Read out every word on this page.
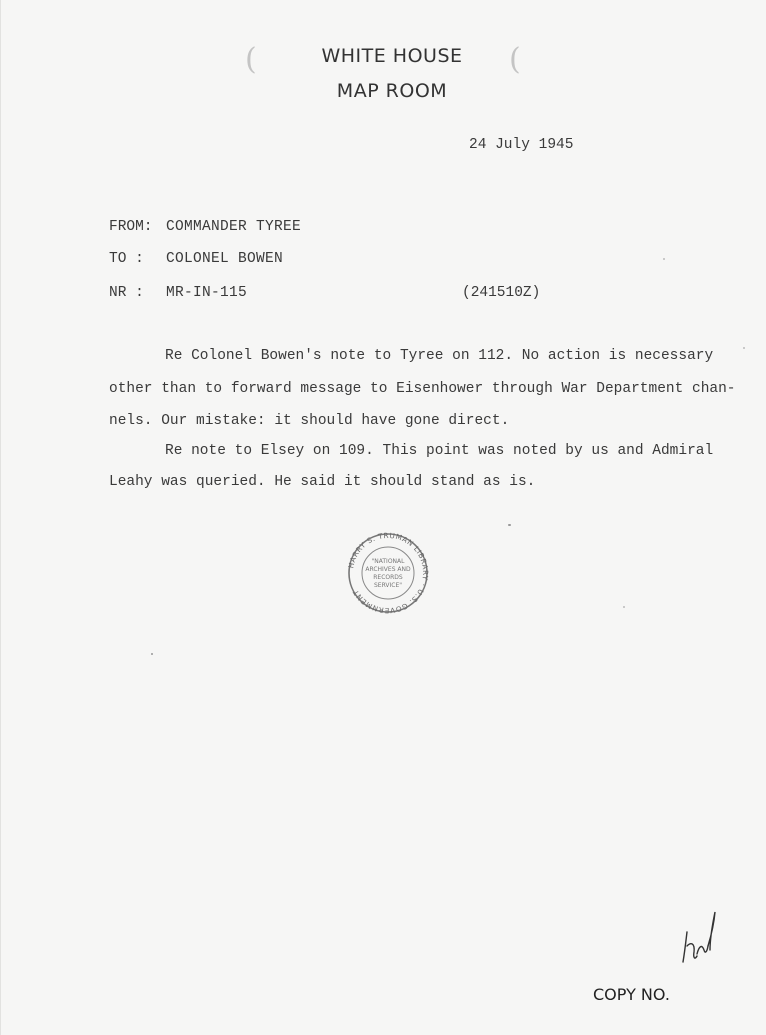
(	(
WHITE HOUSE
MAP ROOM
24 July 1945
FROM: COMMANDER TYREE
TO :	COLONEL BOWEN
NR :	MR-IN-115	(241510Z)
Re Colonel Bowen's note to Tyree on 112. No action is necessary
other than to forward message to Eisenhower through War Department chan-
nels. Our mistake: it should have gone direct.
Re note to Elsey on 109. This point was noted by us and Admiral
Leahy was queried. He said it should stand as is.
HARRY S. TRUMAN LIBRARY · U.S. GOVERNMENT
"NATIONAL
ARCHIVES AND
RECORDS
SERVICE"
COPY NO.
